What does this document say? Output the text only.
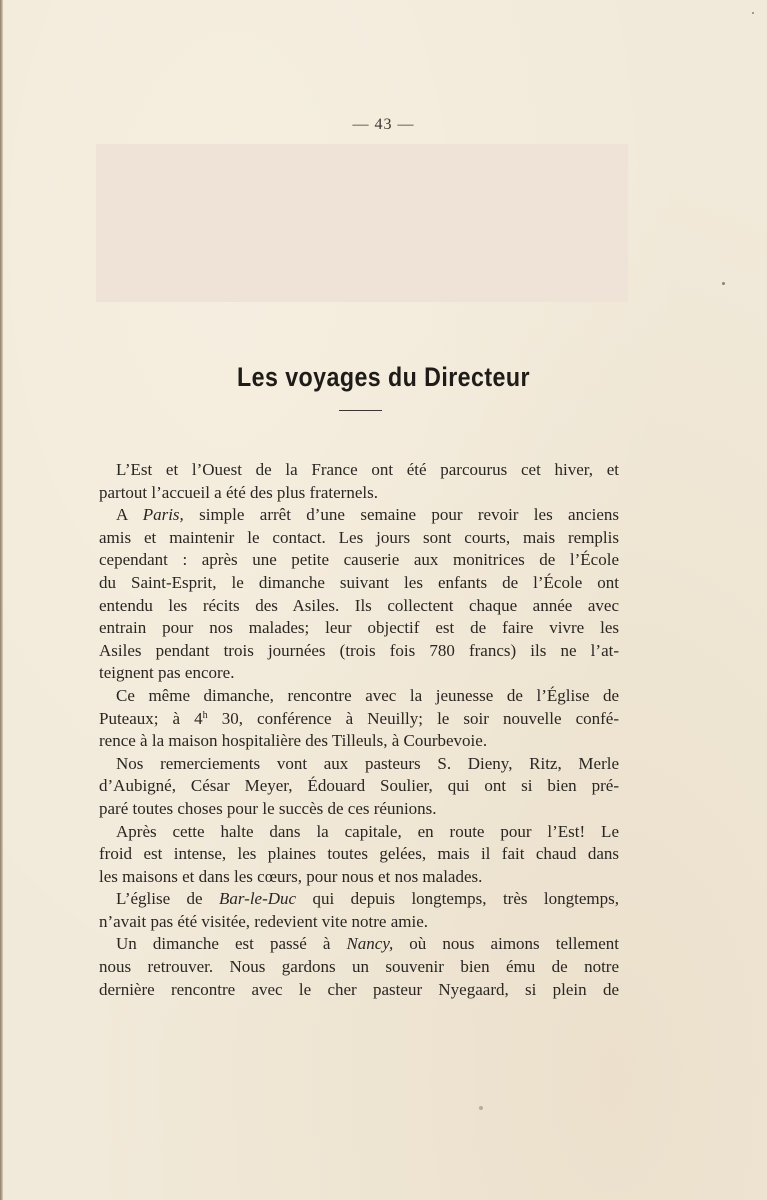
— 43 —
Les voyages du Directeur
L’Est et l’Ouest de la France ont été parcourus cet hiver, et
partout l’accueil a été des plus fraternels.
A Paris, simple arrêt d’une semaine pour revoir les anciens
amis et maintenir le contact. Les jours sont courts, mais remplis
cependant : après une petite causerie aux monitrices de l’École
du Saint-Esprit, le dimanche suivant les enfants de l’École ont
entendu les récits des Asiles. Ils collectent chaque année avec
entrain pour nos malades; leur objectif est de faire vivre les
Asiles pendant trois journées (trois fois 780 francs) ils ne l’at-
teignent pas encore.
Ce même dimanche, rencontre avec la jeunesse de l’Église de
Puteaux; à 4$^h$ 30, conférence à Neuilly; le soir nouvelle confé-
rence à la maison hospitalière des Tilleuls, à Courbevoie.
Nos remerciements vont aux pasteurs S. Dieny, Ritz, Merle
d’Aubigné, César Meyer, Édouard Soulier, qui ont si bien pré-
paré toutes choses pour le succès de ces réunions.
Après cette halte dans la capitale, en route pour l’Est! Le
froid est intense, les plaines toutes gelées, mais il fait chaud dans
les maisons et dans les cœurs, pour nous et nos malades.
L’église de Bar-le-Duc qui depuis longtemps, très longtemps,
n’avait pas été visitée, redevient vite notre amie.
Un dimanche est passé à Nancy, où nous aimons tellement
nous retrouver. Nous gardons un souvenir bien ému de notre
dernière rencontre avec le cher pasteur Nyegaard, si plein de
